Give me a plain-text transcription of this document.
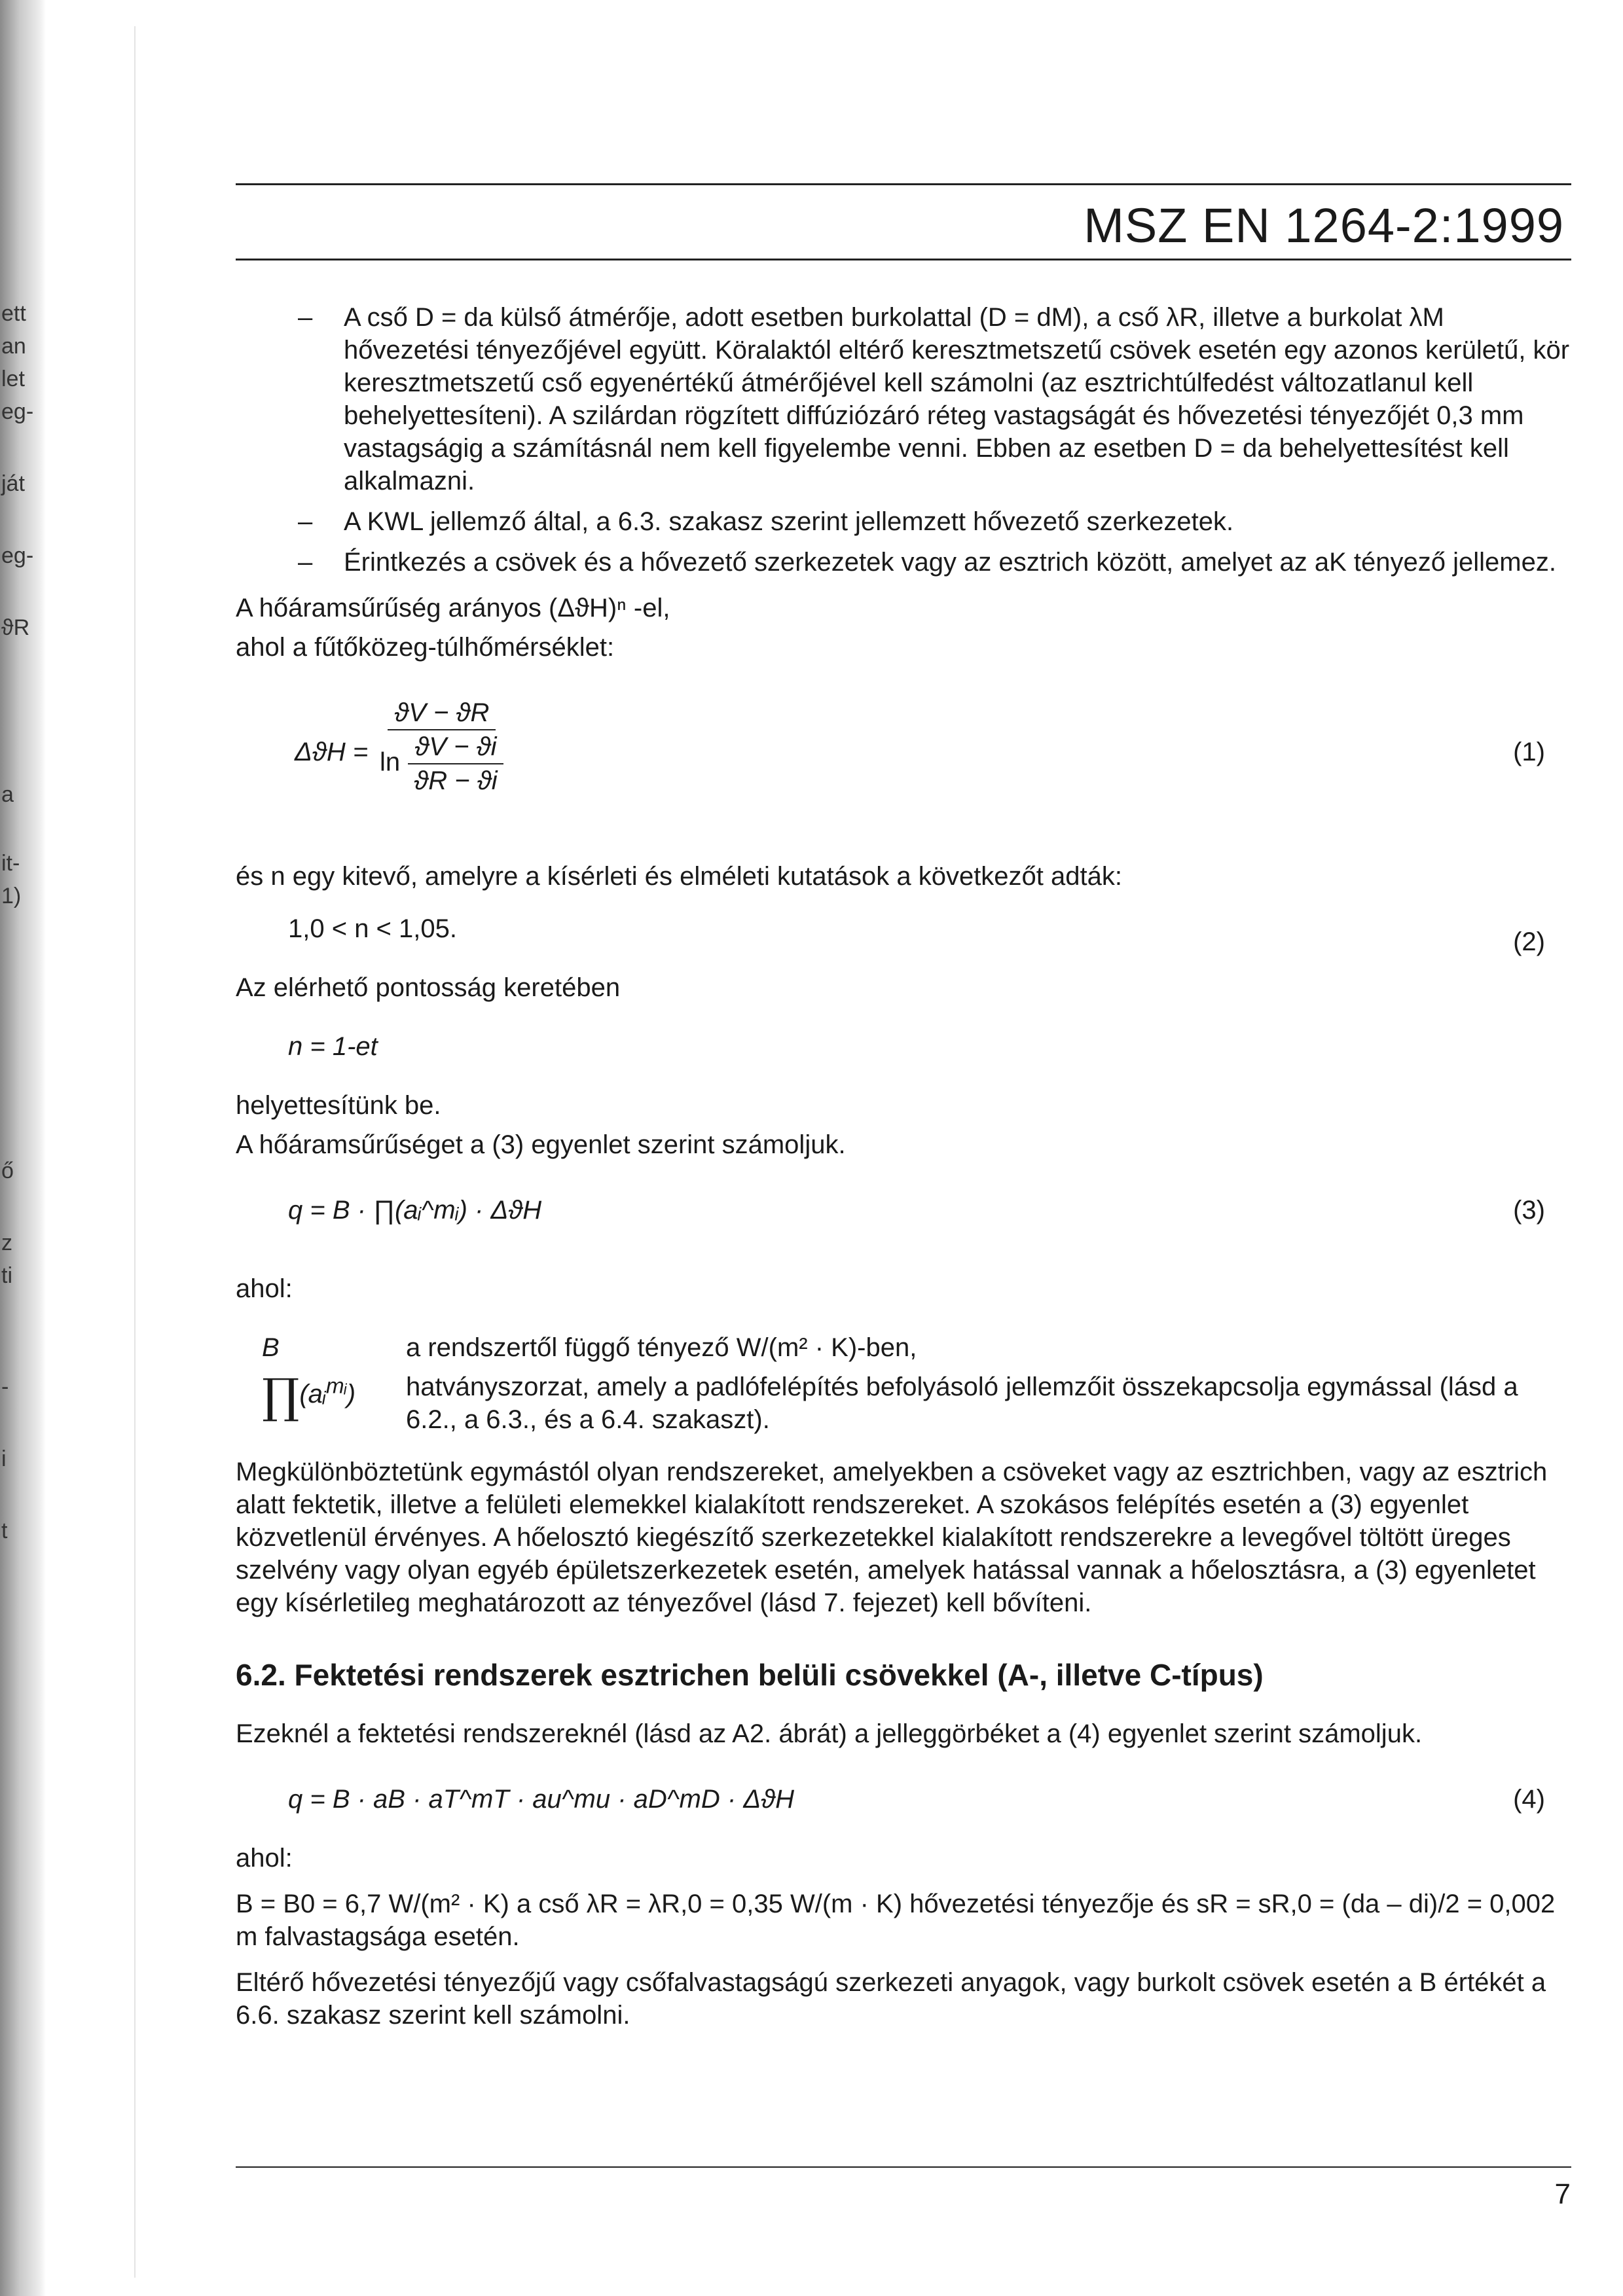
ett
an
let
eg-
ját
eg-
ϑR
a
it-
1)
ő
z
ti
-
i
t
MSZ EN 1264-2:1999
– A cső D = da külső átmérője, adott esetben burkolattal (D = dM), a cső λR, illetve a burkolat λM hővezetési tényezőjével együtt. Köralaktól eltérő keresztmetszetű csövek esetén egy azonos kerületű, kör keresztmetszetű cső egyenértékű átmérőjével kell számolni (az esztrichtúlfedést változatlanul kell behelyettesíteni). A szilárdan rögzített diffúziózáró réteg vastagságát és hővezetési tényezőjét 0,3 mm vastagságig a számításnál nem kell figyelembe venni. Ebben az esetben D = da behelyettesítést kell alkalmazni.
– A KWL jellemző által, a 6.3. szakasz szerint jellemzett hővezető szerkezetek.
– Érintkezés a csövek és a hővezető szerkezetek vagy az esztrich között, amelyet az aK tényező jellemez.

A hőáramsűrűség arányos (ΔϑH)ⁿ -el,

ahol a fűtőközeg-túlhőmérséklet:

$\Delta ϑH = \frac{ϑV - ϑR}{\ln \frac{ϑV - ϑi}{ϑR - ϑi}}$	(1)

és n egy kitevő, amelyre a kísérleti és elméleti kutatások a következőt adták:

1,0 < n < 1,05.	(2)

Az elérhető pontosság keretében

n = 1-et

helyettesítünk be.

A hőáramsűrűséget a (3) egyenlet szerint számoljuk.

q = B · ∏(aᵢ^mᵢ) · ΔϑH	(3)

ahol:

B	a rendszertől függő tényező W/(m² · K)-ben,
∏(aᵢ$^{mᵢ}$) hatványszorzat, amely a padlófelépítés befolyásoló jellemzőit összekapcsolja egymással (lásd a 6.2., a 6.3., és a 6.4. szakaszt).

Megkülönböztetünk egymástól olyan rendszereket, amelyekben a csöveket vagy az esztrichben, vagy az esztrich alatt fektetik, illetve a felületi elemekkel kialakított rendszereket. A szokásos felépítés esetén a (3) egyenlet közvetlenül érvényes. A hőelosztó kiegészítő szerkezetekkel kialakított rendszerekre a levegővel töltött üreges szelvény vagy olyan egyéb épületszerkezetek esetén, amelyek hatással vannak a hőelosztásra, a (3) egyenletet egy kísérletileg meghatározott az tényezővel (lásd 7. fejezet) kell bővíteni.

6.2. Fektetési rendszerek esztrichen belüli csövekkel (A-, illetve C-típus)

Ezeknél a fektetési rendszereknél (lásd az A2. ábrát) a jelleggörbéket a (4) egyenlet szerint számoljuk.

q = B · aB · aT^mT · au^mu · aD^mD · ΔϑH	(4)

ahol:

B = B0 = 6,7 W/(m² · K) a cső λR = λR,0 = 0,35 W/(m · K) hővezetési tényezője és sR = sR,0 = (da – di)/2 = 0,002 m falvastagsága esetén.

Eltérő hővezetési tényezőjű vagy csőfalvastagságú szerkezeti anyagok, vagy burkolt csövek esetén a B értékét a 6.6. szakasz szerint kell számolni.

7
